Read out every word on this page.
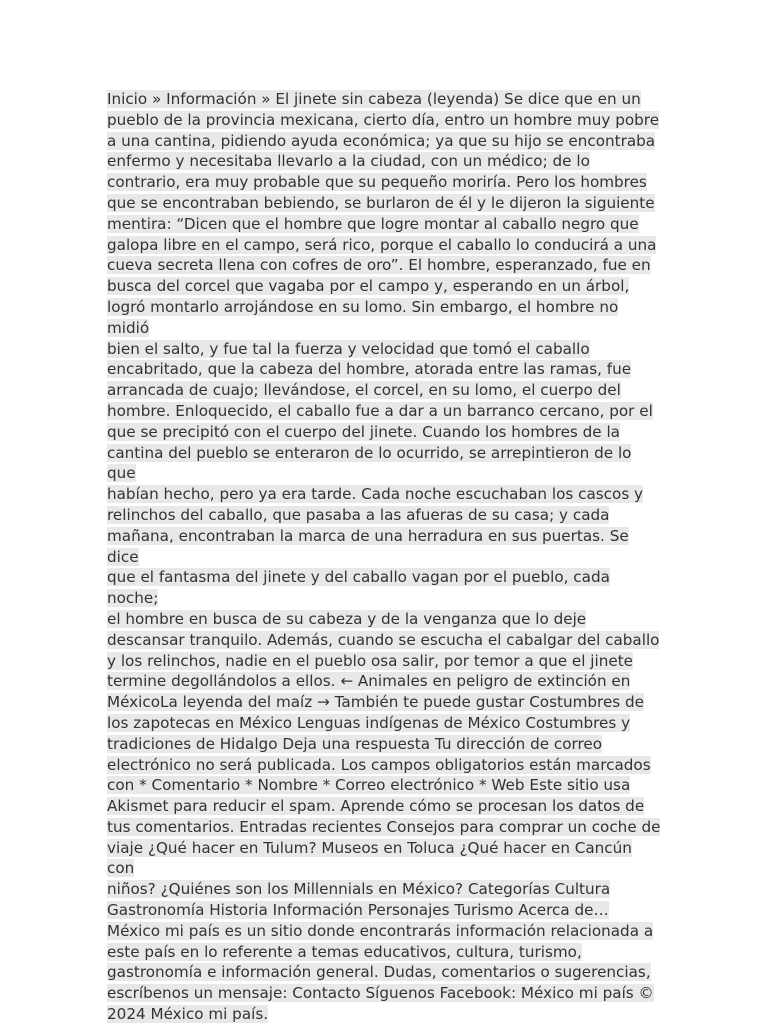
Inicio » Información » El jinete sin cabeza (leyenda) Se dice que en un
pueblo de la provincia mexicana, cierto día, entro un hombre muy pobre
a una cantina, pidiendo ayuda económica; ya que su hijo se encontraba
enfermo y necesitaba llevarlo a la ciudad, con un médico; de lo
contrario, era muy probable que su pequeño moriría. Pero los hombres
que se encontraban bebiendo, se burlaron de él y le dijeron la siguiente
mentira: “Dicen que el hombre que logre montar al caballo negro que
galopa libre en el campo, será rico, porque el caballo lo conducirá a una
cueva secreta llena con cofres de oro”. El hombre, esperanzado, fue en
busca del corcel que vagaba por el campo y, esperando en un árbol,
logró montarlo arrojándose en su lomo. Sin embargo, el hombre no midió
bien el salto, y fue tal la fuerza y velocidad que tomó el caballo
encabritado, que la cabeza del hombre, atorada entre las ramas, fue
arrancada de cuajo; llevándose, el corcel, en su lomo, el cuerpo del
hombre. Enloquecido, el caballo fue a dar a un barranco cercano, por el
que se precipitó con el cuerpo del jinete. Cuando los hombres de la
cantina del pueblo se enteraron de lo ocurrido, se arrepintieron de lo que
habían hecho, pero ya era tarde. Cada noche escuchaban los cascos y
relinchos del caballo, que pasaba a las afueras de su casa; y cada
mañana, encontraban la marca de una herradura en sus puertas. Se dice
que el fantasma del jinete y del caballo vagan por el pueblo, cada noche;
el hombre en busca de su cabeza y de la venganza que lo deje
descansar tranquilo. Además, cuando se escucha el cabalgar del caballo
y los relinchos, nadie en el pueblo osa salir, por temor a que el jinete
termine degollándolos a ellos. ← Animales en peligro de extinción en
MéxicoLa leyenda del maíz → También te puede gustar Costumbres de
los zapotecas en México Lenguas indígenas de México Costumbres y
tradiciones de Hidalgo Deja una respuesta Tu dirección de correo
electrónico no será publicada. Los campos obligatorios están marcados
con * Comentario * Nombre * Correo electrónico * Web Este sitio usa
Akismet para reducir el spam. Aprende cómo se procesan los datos de
tus comentarios. Entradas recientes Consejos para comprar un coche de
viaje ¿Qué hacer en Tulum? Museos en Toluca ¿Qué hacer en Cancún con
niños? ¿Quiénes son los Millennials en México? Categorías Cultura
Gastronomía Historia Información Personajes Turismo Acerca de…
México mi país es un sitio donde encontrarás información relacionada a
este país en lo referente a temas educativos, cultura, turismo,
gastronomía e información general. Dudas, comentarios o sugerencias,
escríbenos un mensaje: Contacto Síguenos Facebook: México mi país ©
2024 México mi país.
